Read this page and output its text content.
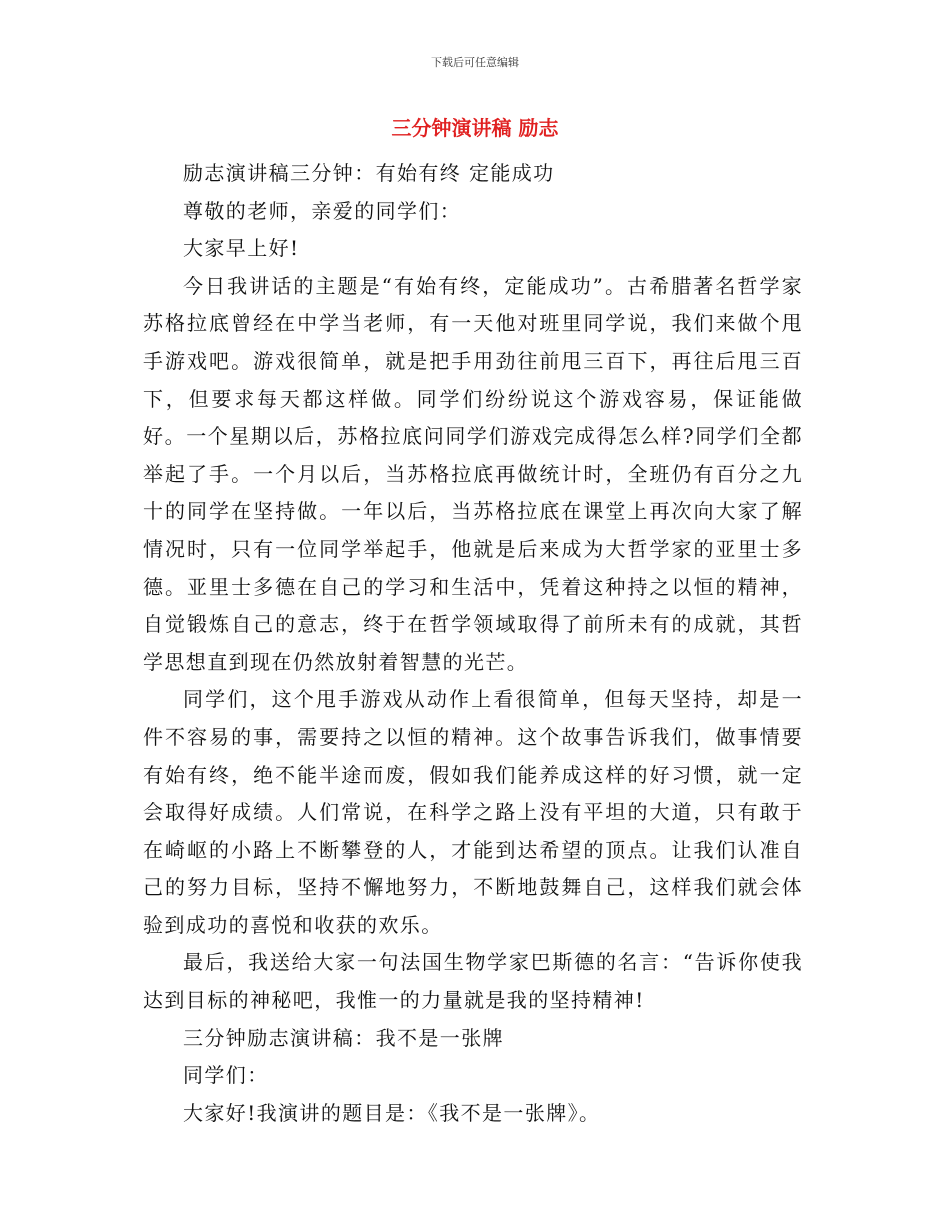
下载后可任意编辑
三分钟演讲稿 励志

励志演讲稿三分钟：有始有终 定能成功

尊敬的老师，亲爱的同学们：

大家早上好!

今日我讲话的主题是“有始有终，定能成功”。古希腊著名哲学家苏格拉底曾经在中学当老师，有一天他对班里同学说，我们来做个甩手游戏吧。游戏很简单，就是把手用劲往前甩三百下，再往后甩三百下，但要求每天都这样做。同学们纷纷说这个游戏容易，保证能做好。一个星期以后，苏格拉底问同学们游戏完成得怎么样?同学们全都举起了手。一个月以后，当苏格拉底再做统计时，全班仍有百分之九十的同学在坚持做。一年以后，当苏格拉底在课堂上再次向大家了解情况时，只有一位同学举起手，他就是后来成为大哲学家的亚里士多德。亚里士多德在自己的学习和生活中，凭着这种持之以恒的精神，自觉锻炼自己的意志，终于在哲学领域取得了前所未有的成就，其哲学思想直到现在仍然放射着智慧的光芒。

同学们，这个甩手游戏从动作上看很简单，但每天坚持，却是一件不容易的事，需要持之以恒的精神。这个故事告诉我们，做事情要有始有终，绝不能半途而废，假如我们能养成这样的好习惯，就一定会取得好成绩。人们常说，在科学之路上没有平坦的大道，只有敢于在崎岖的小路上不断攀登的人，才能到达希望的顶点。让我们认准自己的努力目标，坚持不懈地努力，不断地鼓舞自己，这样我们就会体验到成功的喜悦和收获的欢乐。

最后，我送给大家一句法国生物学家巴斯德的名言：“告诉你使我达到目标的神秘吧，我惟一的力量就是我的坚持精神!

三分钟励志演讲稿：我不是一张牌

同学们：

大家好!我演讲的题目是：《我不是一张牌》。
